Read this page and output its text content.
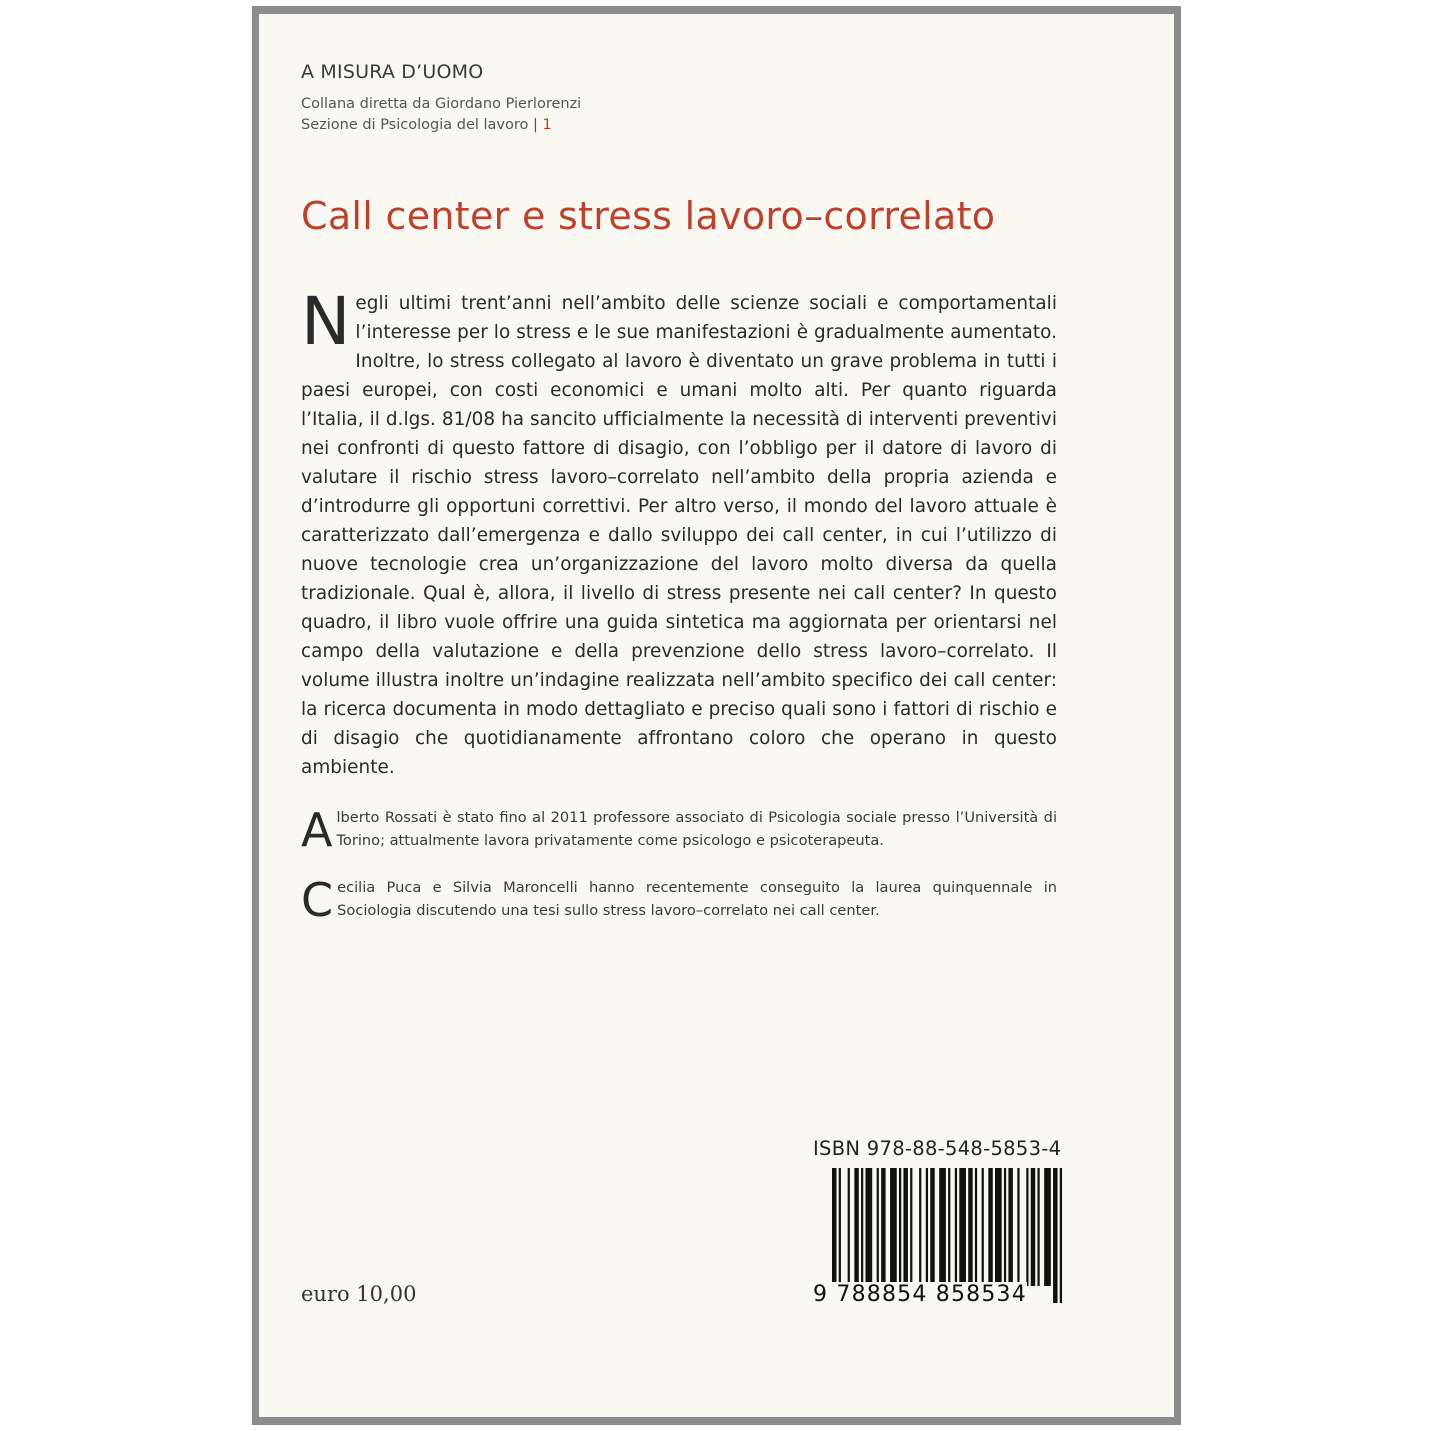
A MISURA D’UOMO
Collana diretta da Giordano Pierlorenzi
Sezione di Psicologia del lavoro | 1
Call center e stress lavoro–correlato

Negli ultimi trent’anni nell’ambito delle scienze sociali e comportamentali l’interesse per lo stress e le sue manifestazioni è gradualmente aumentato. Inoltre, lo stress collegato al lavoro è diventato un grave problema in tutti i paesi europei, con costi economici e umani molto alti. Per quanto riguarda l’Italia, il d.lgs. 81/08 ha sancito ufficialmente la necessità di interventi preventivi nei confronti di questo fattore di disagio, con l’obbligo per il datore di lavoro di valutare il rischio stress lavoro–correlato nell’ambito della propria azienda e d’introdurre gli opportuni correttivi. Per altro verso, il mondo del lavoro attuale è caratterizzato dall’emergenza e dallo sviluppo dei call center, in cui l’utilizzo di nuove tecnologie crea un’organizzazione del lavoro molto diversa da quella tradizionale. Qual è, allora, il livello di stress presente nei call center? In questo quadro, il libro vuole offrire una guida sintetica ma aggiornata per orientarsi nel campo della valutazione e della prevenzione dello stress lavoro–correlato. Il volume illustra inoltre un’indagine realizzata nell’ambito specifico dei call center: la ricerca documenta in modo dettagliato e preciso quali sono i fattori di rischio e di disagio che quotidianamente affrontano coloro che operano in questo ambiente.

Alberto Rossati è stato fino al 2011 professore associato di Psicologia sociale presso l’Università di Torino; attualmente lavora privatamente come psicologo e psicoterapeuta.

Cecilia Puca e Silvia Maroncelli hanno recentemente conseguito la laurea quinquennale in Sociologia discutendo una tesi sullo stress lavoro–correlato nei call center.

ISBN 978-88-548-5853-4
9 788854 858534
euro 10,00
